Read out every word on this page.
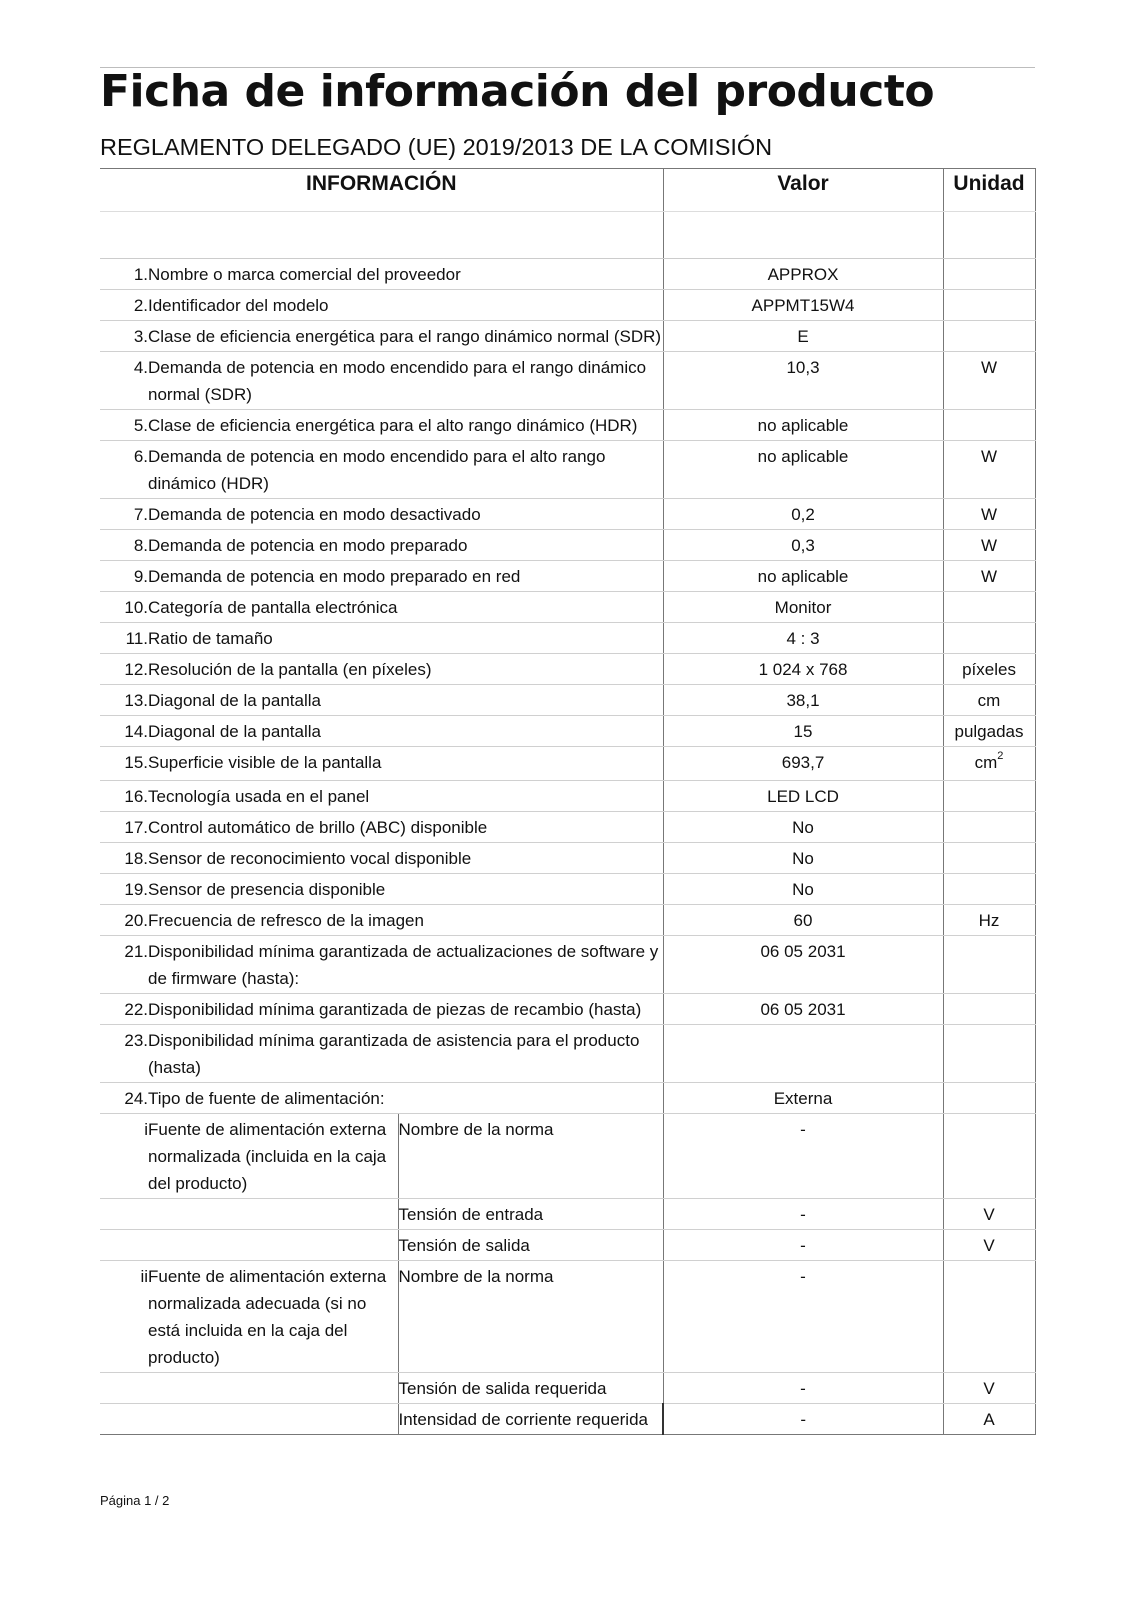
Ficha de información del producto
REGLAMENTO DELEGADO (UE) 2019/2013 DE LA COMISIÓN
INFORMACIÓN			Valor	Unidad

1.	Nombre o marca comercial del proveedor		APPROX	
2.	Identificador del modelo		APPMT15W4	
3.	Clase de eficiencia energética para el rango dinámico normal (SDR)		E	
4.	Demanda de potencia en modo encendido para el rango dinámico normal (SDR)		10,3	W
5.	Clase de eficiencia energética para el alto rango dinámico (HDR)		no aplicable	
6.	Demanda de potencia en modo encendido para el alto rango dinámico (HDR)		no aplicable	W
7.	Demanda de potencia en modo desactivado		0,2	W
8.	Demanda de potencia en modo preparado		0,3	W
9.	Demanda de potencia en modo preparado en red		no aplicable	W
10.	Categoría de pantalla electrónica		Monitor	
11.	Ratio de tamaño		4 : 3	
12.	Resolución de la pantalla (en píxeles)		1 024 x 768	píxeles
13.	Diagonal de la pantalla		38,1	cm
14.	Diagonal de la pantalla		15	pulgadas
15.	Superficie visible de la pantalla		693,7	$cm^2$
16.	Tecnología usada en el panel		LED LCD	
17.	Control automático de brillo (ABC) disponible		No	
18.	Sensor de reconocimiento vocal disponible		No	
19.	Sensor de presencia disponible		No	
20.	Frecuencia de refresco de la imagen		60	Hz
21.	Disponibilidad mínima garantizada de actualizaciones de software y de firmware (hasta):		06 05 2031	
22.	Disponibilidad mínima garantizada de piezas de recambio (hasta)		06 05 2031	
23.	Disponibilidad mínima garantizada de asistencia para el producto (hasta)			
24.	Tipo de fuente de alimentación:		Externa	
i	Fuente de alimentación externa normalizada (incluida en la caja del producto)	Nombre de la norma	-	
		Tensión de entrada	-	V
		Tensión de salida	-	V
ii	Fuente de alimentación externa normalizada adecuada (si no está incluida en la caja del producto)	Nombre de la norma	-	
		Tensión de salida requerida	-	V
		Intensidad de corriente requerida	-	A
Página 1 / 2
